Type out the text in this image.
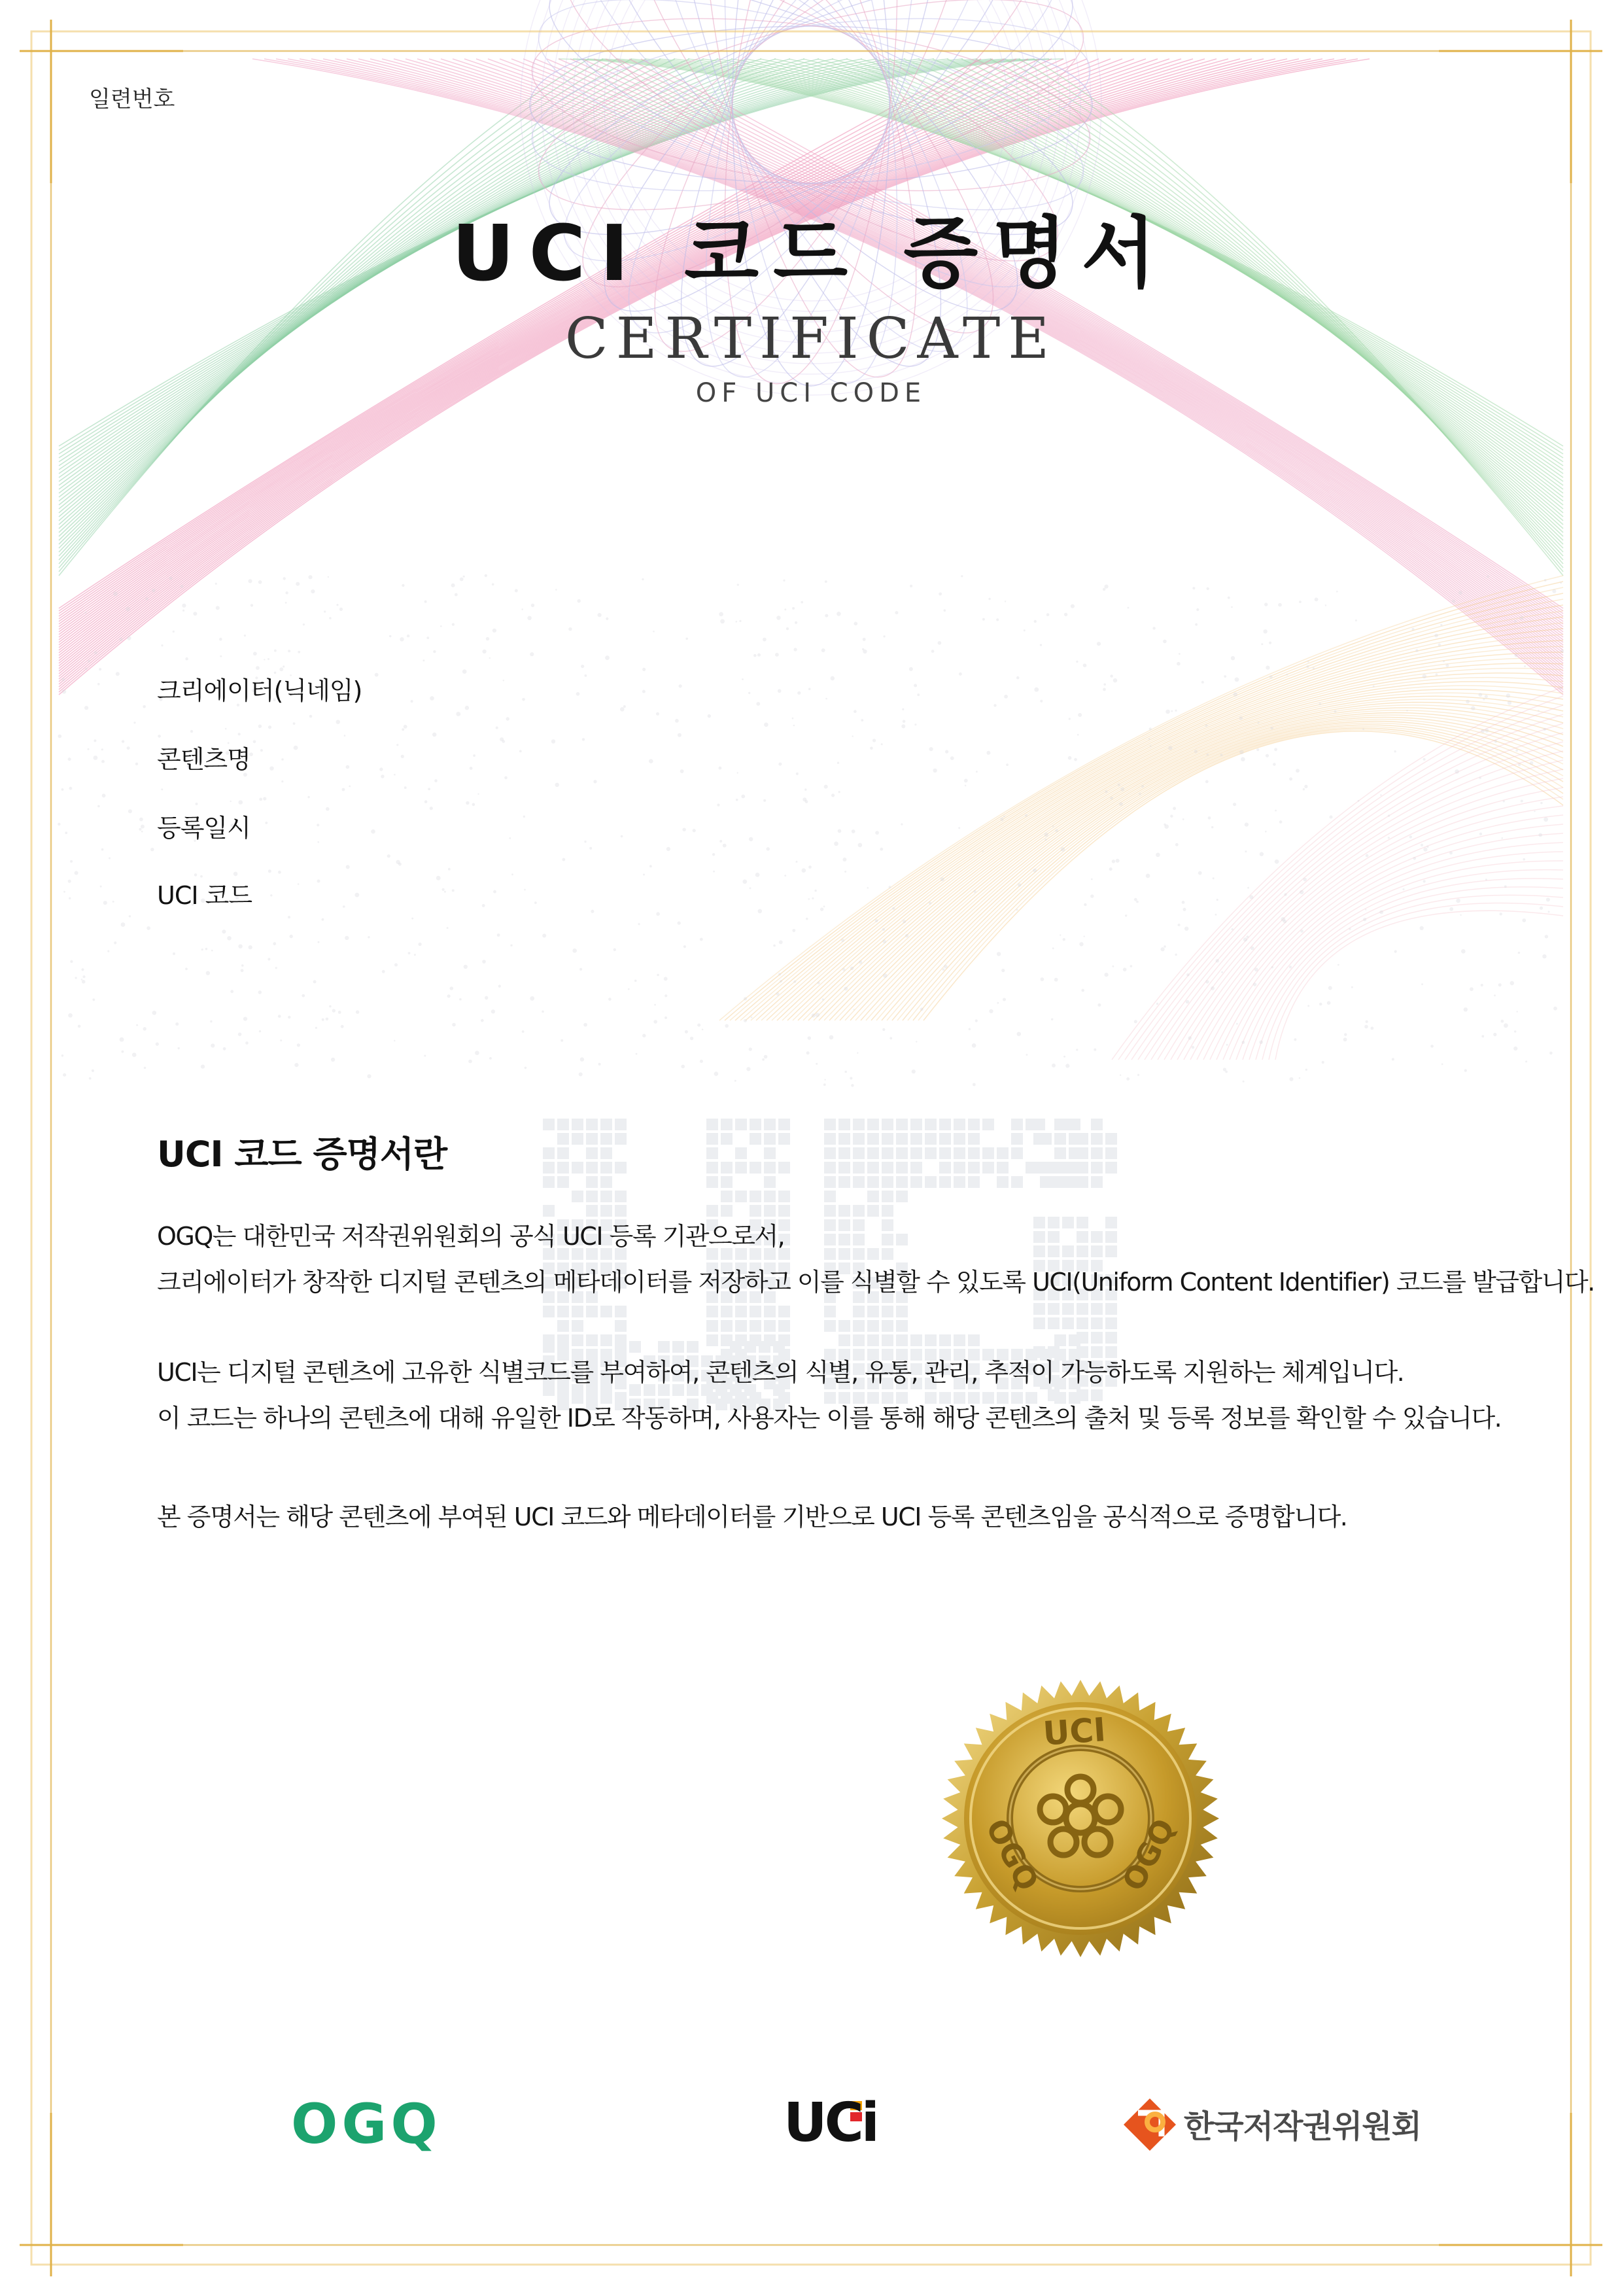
UCI
OGQ
OGQ
일련번호
UCI 코드 증명서
CERTIFICATE
OF UCI CODE
크리에이터(닉네임)
콘텐츠명
등록일시
UCI 코드
UCI 코드 증명서란
OGQ는 대한민국 저작권위원회의 공식 UCI 등록 기관으로서,
크리에이터가 창작한 디지털 콘텐츠의 메타데이터를 저장하고 이를 식별할 수 있도록 UCI(Uniform Content Identifier) 코드를 발급합니다.
UCI는 디지털 콘텐츠에 고유한 식별코드를 부여하여, 콘텐츠의 식별, 유통, 관리, 추적이 가능하도록 지원하는 체계입니다.
이 코드는 하나의 콘텐츠에 대해 유일한 ID로 작동하며, 사용자는 이를 통해 해당 콘텐츠의 출처 및 등록 정보를 확인할 수 있습니다.
본 증명서는 해당 콘텐츠에 부여된 UCI 코드와 메타데이터를 기반으로 UCI 등록 콘텐츠임을 공식적으로 증명합니다.
OGQ	UCi	한국저작권위원회
